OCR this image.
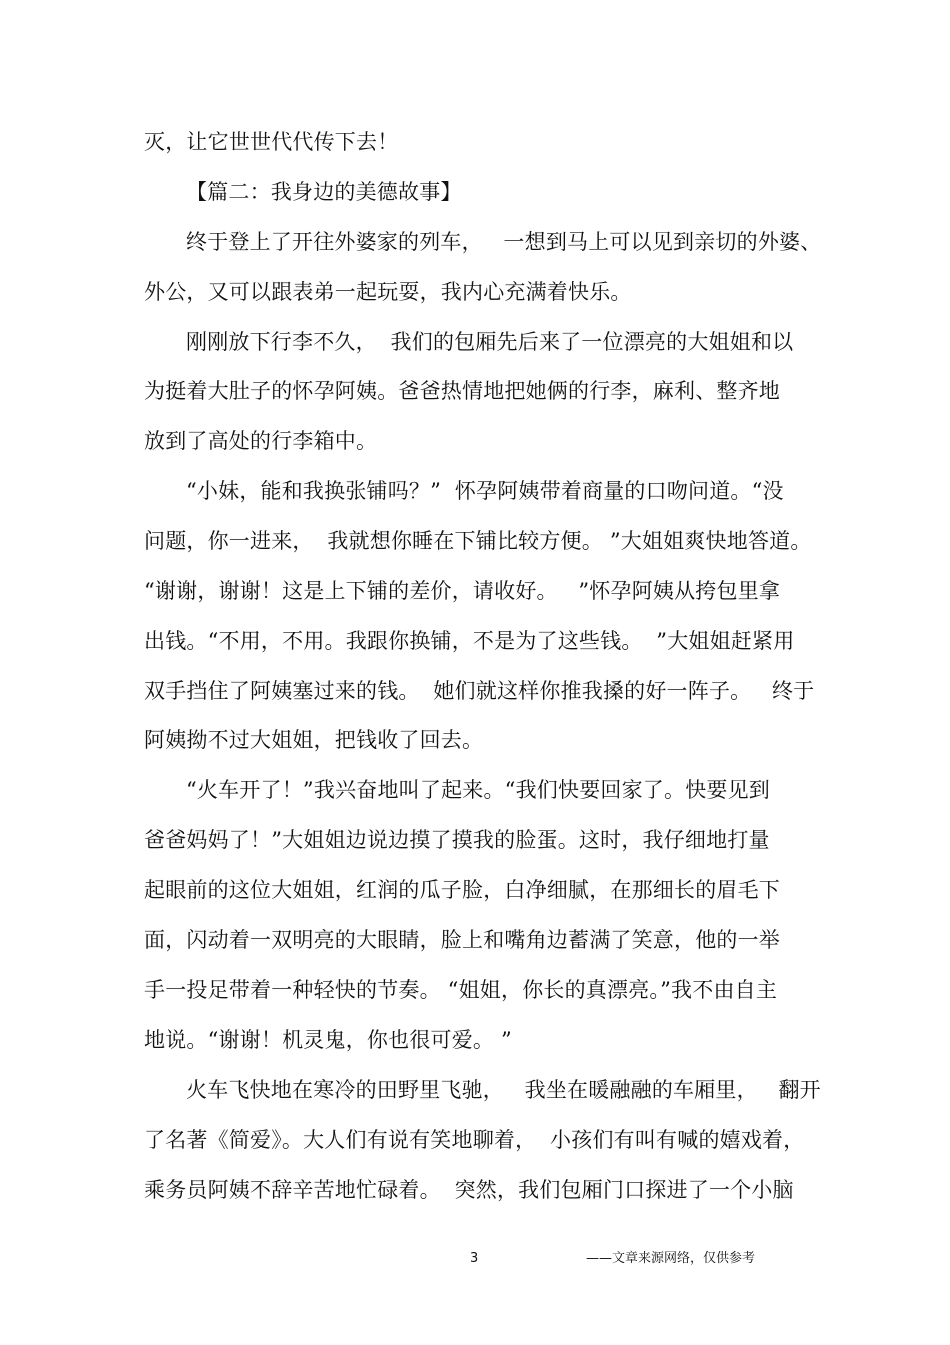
灭，让它世世代代传下去！
【篇二：我身边的美德故事】
终于登上了开往外婆家的列车，   一想到马上可以见到亲切的外婆、
外公，又可以跟表弟一起玩耍，我内心充满着快乐。
刚刚放下行李不久，  我们的包厢先后来了一位漂亮的大姐姐和以
为挺着大肚子的怀孕阿姨。爸爸热情地把她俩的行李，麻利、整齐地
放到了高处的行李箱中。
“小妹，能和我换张铺吗？”  怀孕阿姨带着商量的口吻问道。“没
问题，你一进来，  我就想你睡在下铺比较方便。 ”大姐姐爽快地答道。
“谢谢，谢谢！这是上下铺的差价，请收好。   ”怀孕阿姨从挎包里拿
出钱。“不用，不用。我跟你换铺，不是为了这些钱。  ”大姐姐赶紧用
双手挡住了阿姨塞过来的钱。  她们就这样你推我搡的好一阵子。   终于
阿姨拗不过大姐姐，把钱收了回去。
“火车开了！”我兴奋地叫了起来。“我们快要回家了。快要见到
爸爸妈妈了！”大姐姐边说边摸了摸我的脸蛋。这时，我仔细地打量
起眼前的这位大姐姐，红润的瓜子脸，白净细腻，在那细长的眉毛下
面，闪动着一双明亮的大眼睛，脸上和嘴角边蓄满了笑意，他的一举
手一投足带着一种轻快的节奏。 “姐姐，你长的真漂亮。”我不由自主
地说。“谢谢！机灵鬼，你也很可爱。 ”
火车飞快地在寒冷的田野里飞驰，   我坐在暖融融的车厢里，   翻开
了名著《简爱》。大人们有说有笑地聊着，  小孩们有叫有喊的嬉戏着，
乘务员阿姨不辞辛苦地忙碌着。  突然，我们包厢门口探进了一个小脑
3	——文章来源网络，仅供参考
